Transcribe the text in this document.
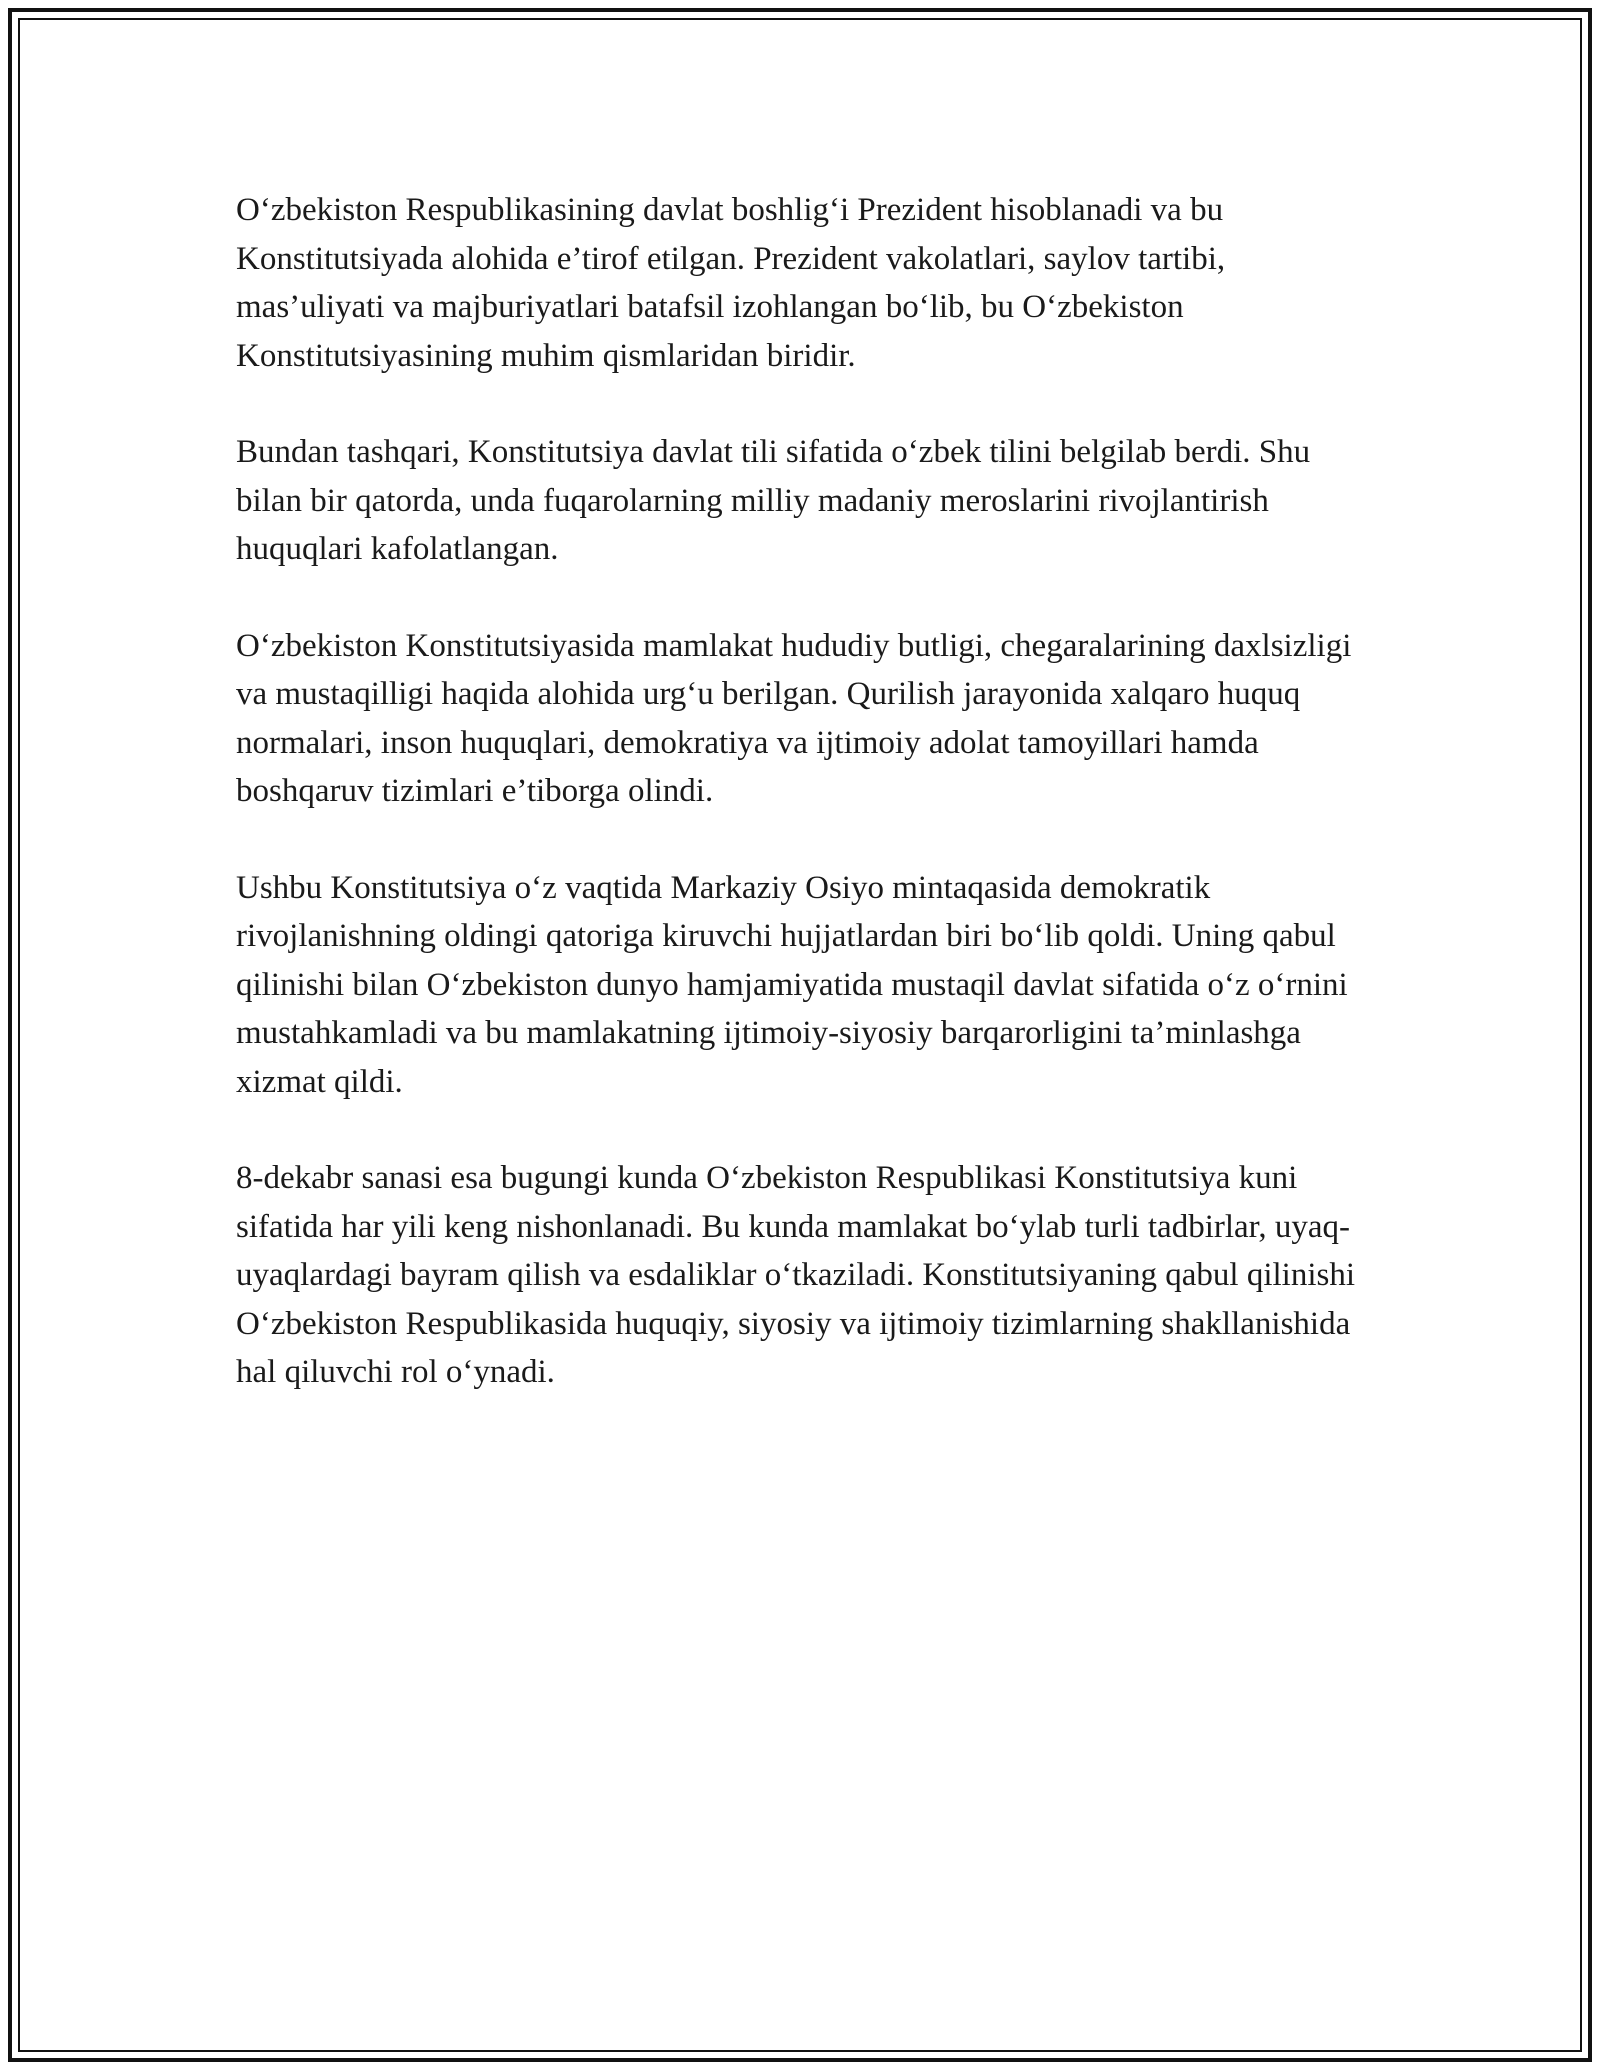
O‘zbekiston Respublikasining davlat boshlig‘i Prezident hisoblanadi va bu Konstitutsiyada alohida e’tirof etilgan. Prezident vakolatlari, saylov tartibi, mas’uliyati va majburiyatlari batafsil izohlangan bo‘lib, bu O‘zbekiston Konstitutsiyasining muhim qismlaridan biridir.

Bundan tashqari, Konstitutsiya davlat tili sifatida o‘zbek tilini belgilab berdi. Shu bilan bir qatorda, unda fuqarolarning milliy madaniy meroslarini rivojlantirish huquqlari kafolatlangan.

O‘zbekiston Konstitutsiyasida mamlakat hududiy butligi, chegaralarining daxlsizligi va mustaqilligi haqida alohida urg‘u berilgan. Qurilish jarayonida xalqaro huquq normalari, inson huquqlari, demokratiya va ijtimoiy adolat tamoyillari hamda boshqaruv tizimlari e’tiborga olindi.

Ushbu Konstitutsiya o‘z vaqtida Markaziy Osiyo mintaqasida demokratik rivojlanishning oldingi qatoriga kiruvchi hujjatlardan biri bo‘lib qoldi. Uning qabul qilinishi bilan O‘zbekiston dunyo hamjamiyatida mustaqil davlat sifatida o‘z o‘rnini mustahkamladi va bu mamlakatning ijtimoiy-siyosiy barqarorligini ta’minlashga xizmat qildi.

8-dekabr sanasi esa bugungi kunda O‘zbekiston Respublikasi Konstitutsiya kuni sifatida har yili keng nishonlanadi. Bu kunda mamlakat bo‘ylab turli tadbirlar, uyaq-uyaqlardagi bayram qilish va esdaliklar o‘tkaziladi. Konstitutsiyaning qabul qilinishi O‘zbekiston Respublikasida huquqiy, siyosiy va ijtimoiy tizimlarning shakllanishida hal qiluvchi rol o‘ynadi.
